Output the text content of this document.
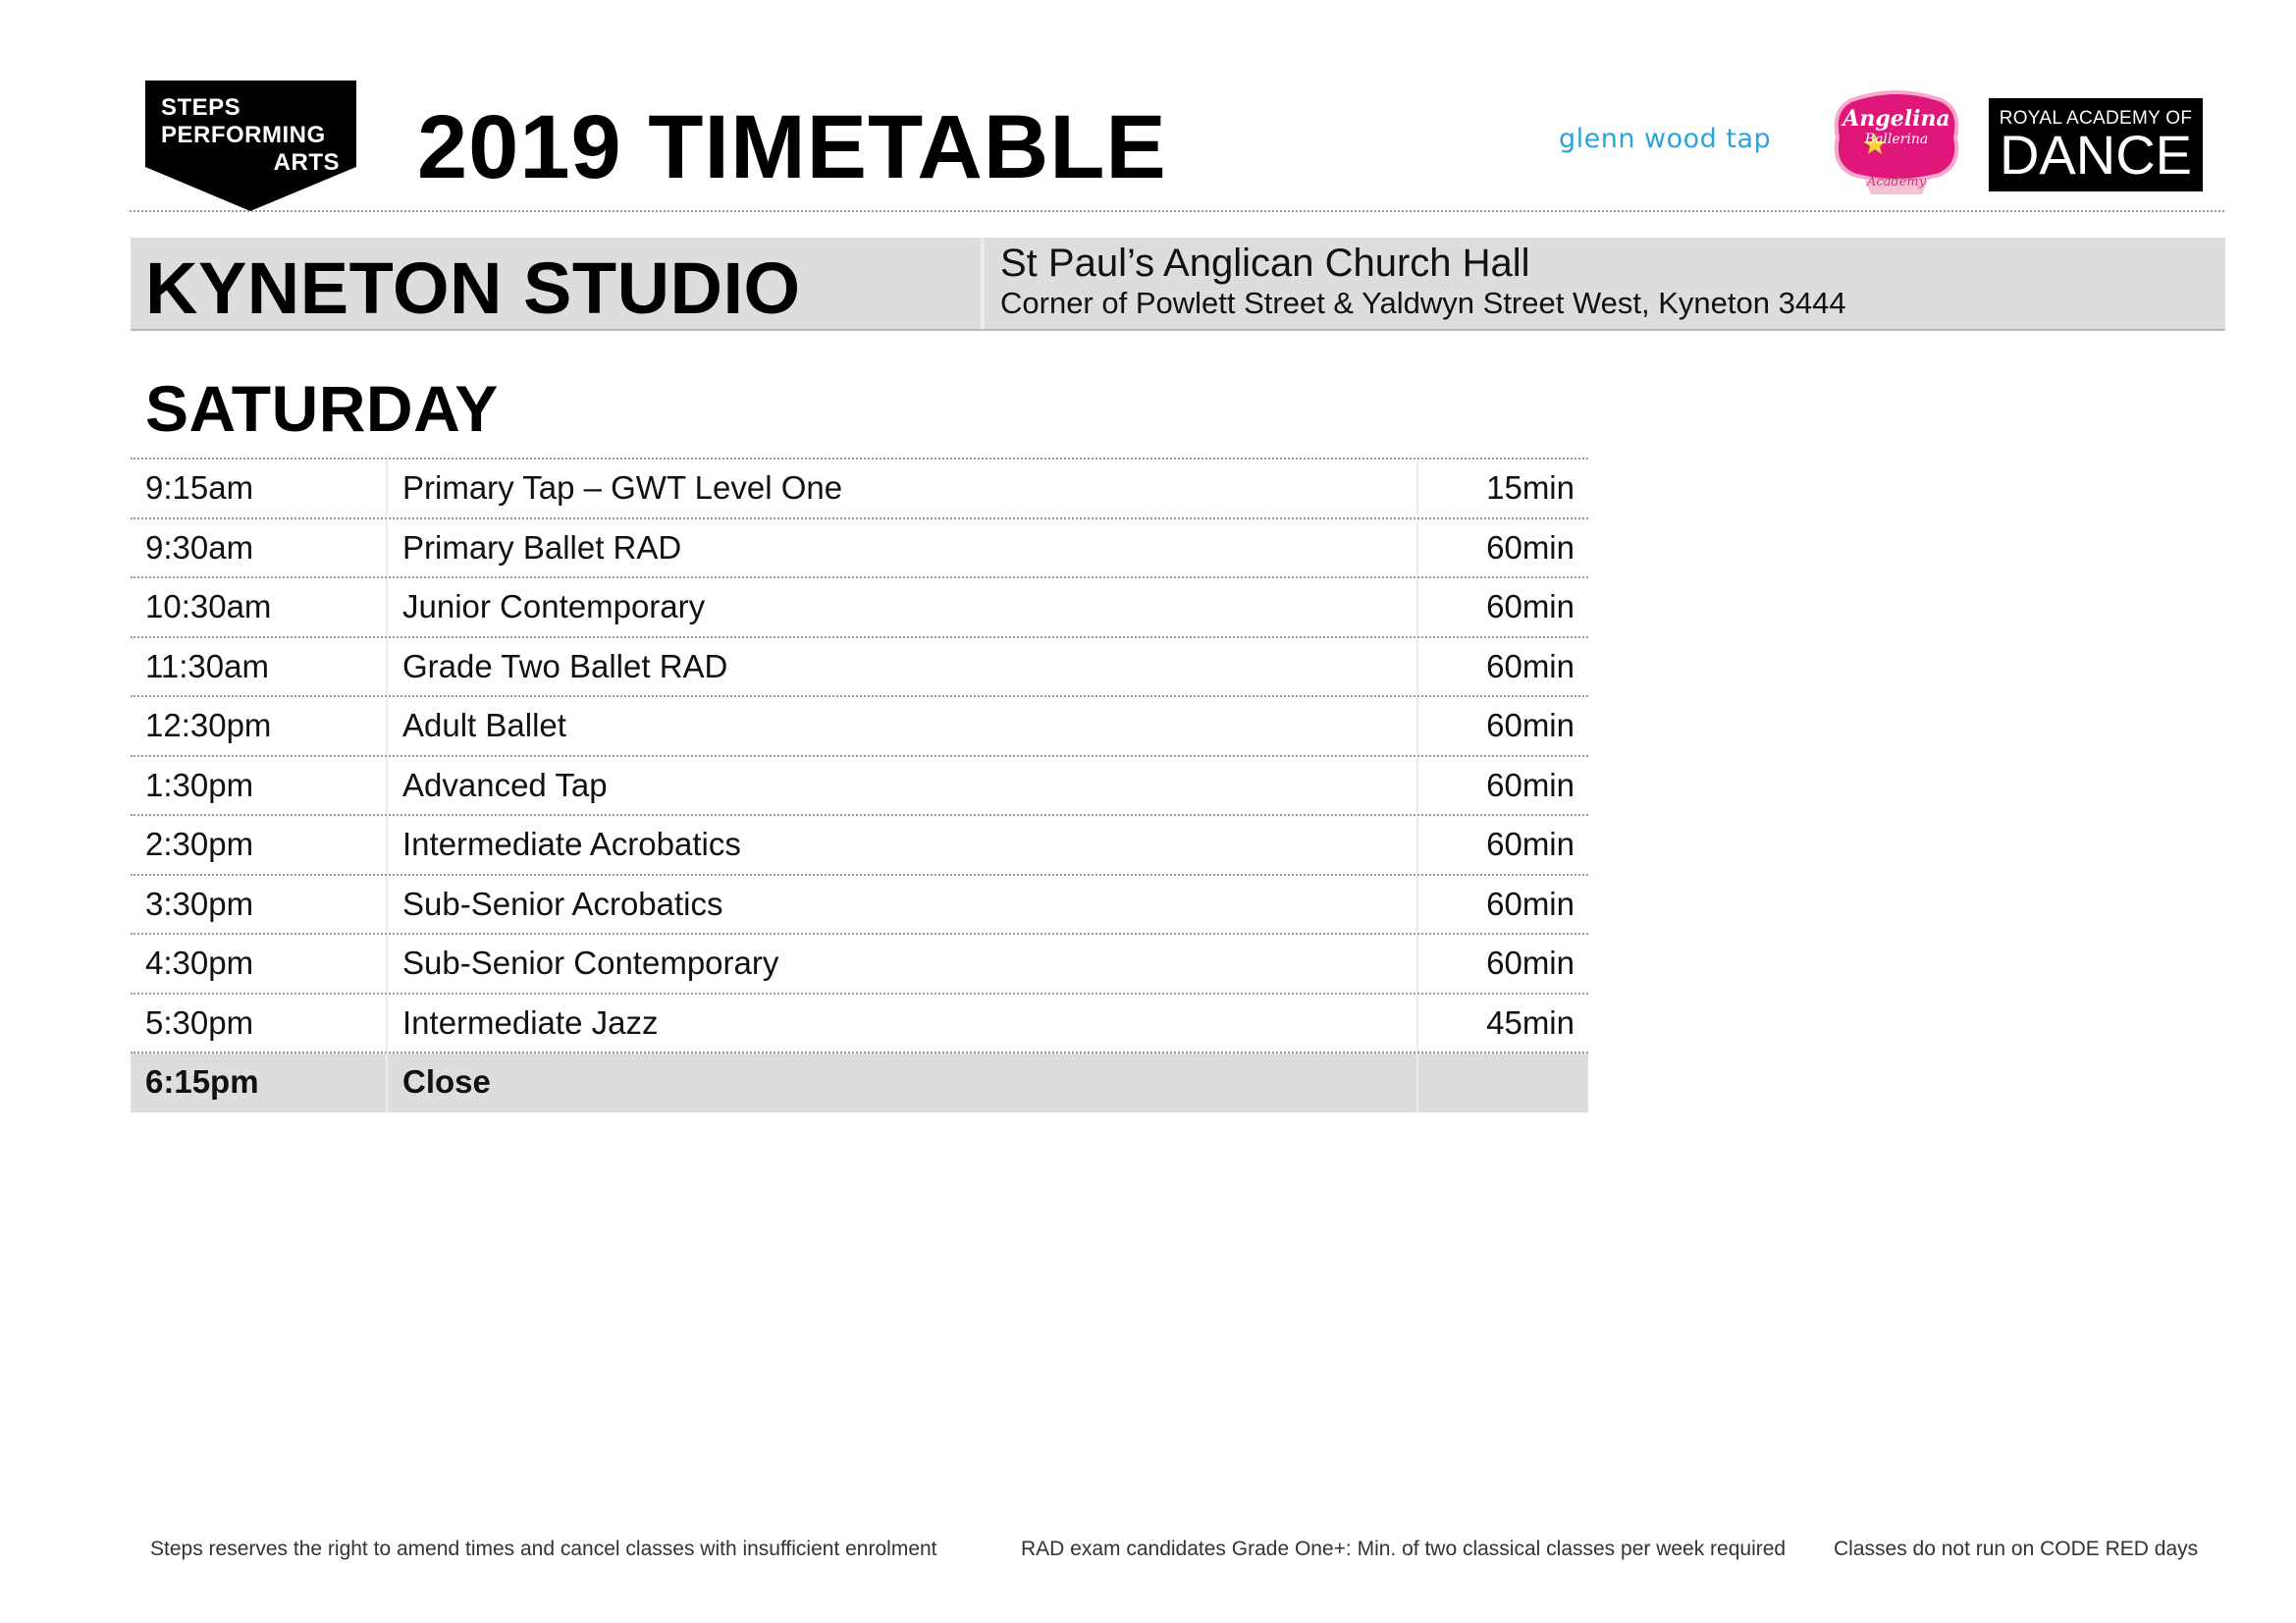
STEPS
PERFORMING
ARTS 2019 TIMETABLE	glenn wood tap
Angelina
Ballerina
Academy
ROYAL ACADEMY OF
DANCE
KYNETON STUDIO	St Paul’s Anglican Church Hall
Corner of Powlett Street & Yaldwyn Street West, Kyneton 3444
SATURDAY
9:15am	Primary Tap – GWT Level One	15min
9:30am	Primary Ballet RAD	60min
10:30am	Junior Contemporary	60min
11:30am	Grade Two Ballet RAD	60min
12:30pm	Adult Ballet	60min
1:30pm	Advanced Tap	60min
2:30pm	Intermediate Acrobatics	60min
3:30pm	Sub-Senior Acrobatics	60min
4:30pm	Sub-Senior Contemporary	60min
5:30pm	Intermediate Jazz	45min
6:15pm	Close
Steps reserves the right to amend times and cancel classes with insufficient enrolment	RAD exam candidates Grade One+: Min. of two classical classes per week required Classes do not run on CODE RED days
